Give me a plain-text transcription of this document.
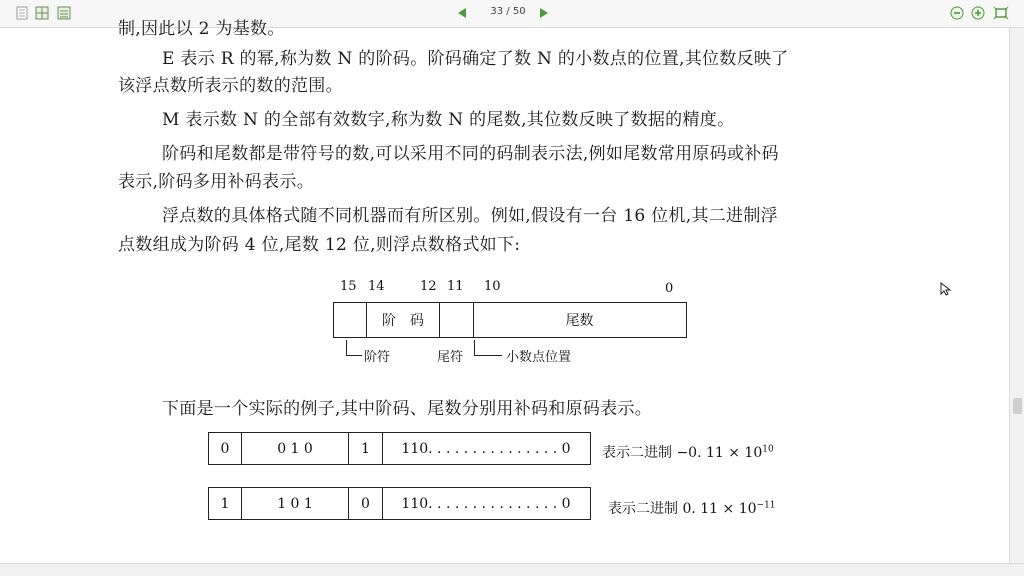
33 / 50
制,因此以 2 为基数。
E 表示 R 的幂,称为数 N 的阶码。阶码确定了数 N 的小数点的位置,其位数反映了
该浮点数所表示的数的范围。
M 表示数 N 的全部有效数字,称为数 N 的尾数,其位数反映了数据的精度。
阶码和尾数都是带符号的数,可以采用不同的码制表示法,例如尾数常用原码或补码
表示,阶码多用补码表示。
浮点数的具体格式随不同机器而有所区别。例如,假设有一台 16 位机,其二进制浮
点数组成为阶码 4 位,尾数 12 位,则浮点数格式如下:
15 14	12 11 10	0
阶　码	尾数
阶符	尾符	小数点位置
下面是一个实际的例子,其中阶码、尾数分别用补码和原码表示。
0	0 1 0	1	110. . . . . . . . . . . . . . . 0	表示二进制 −0. $11 \times 10^{10}$
1	1 0 1	0	110. . . . . . . . . . . . . . . 0	表示二进制 0. $11 \times 10^{-11}$
